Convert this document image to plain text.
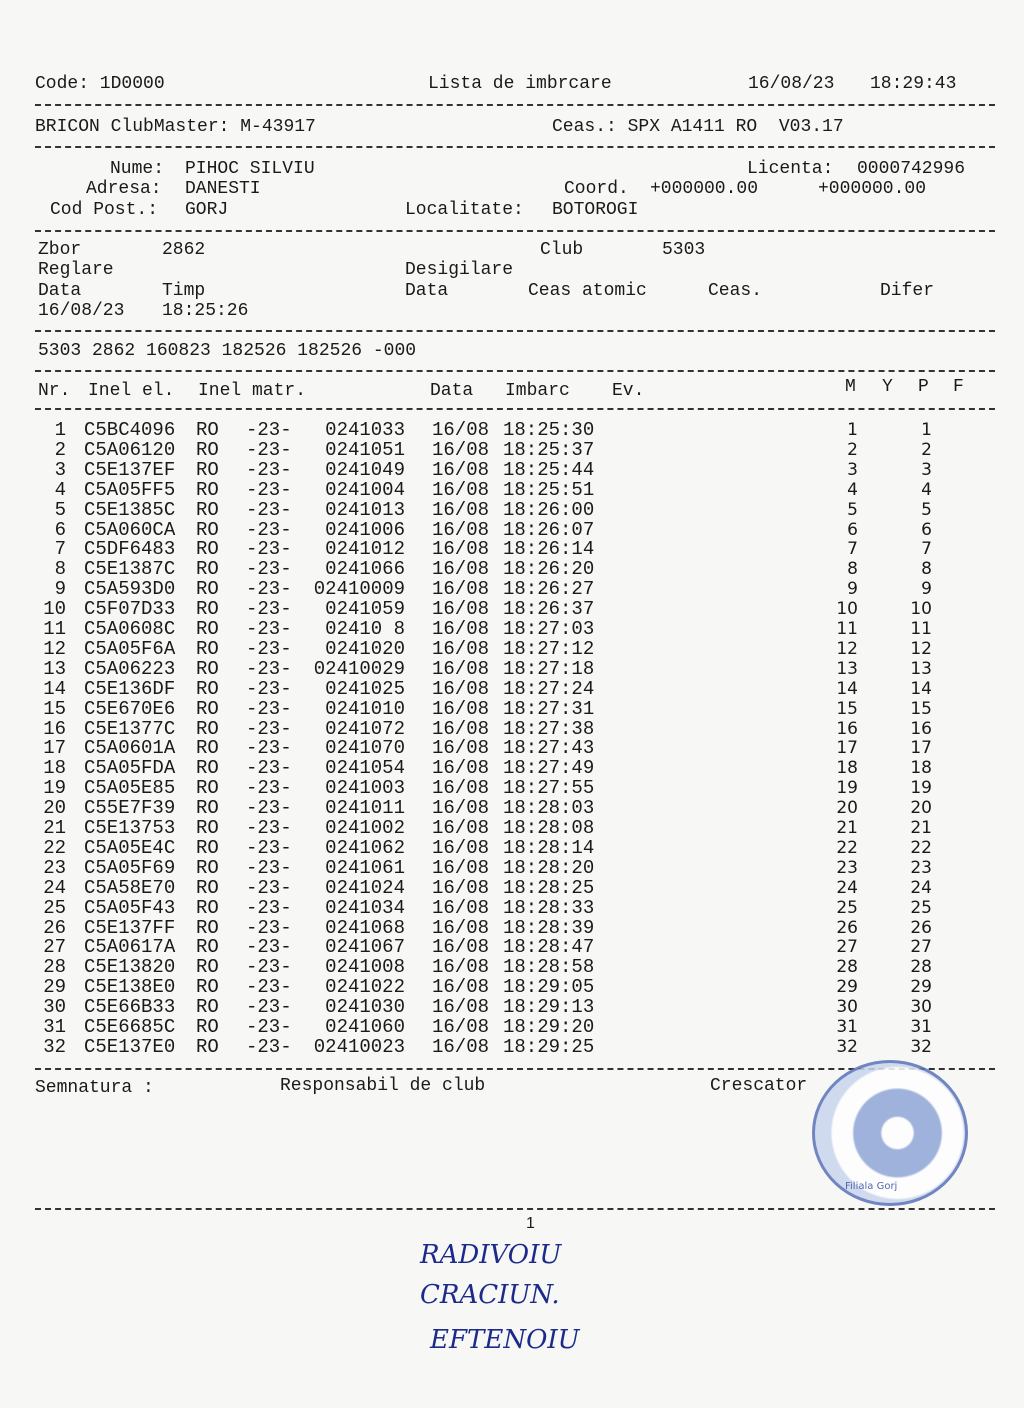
Code: 1D0000	Lista de imbrcare	16/08/23 18:29:43
BRICON ClubMaster: M-43917	Ceas.: SPX A1411 RO  V03.17
Nume: PIHOC SILVIU	Licenta: 0000742996
Adresa: DANESTI	Coord. +000000.00	+000000.00
Cod Post.: GORJ	Localitate: BOTOROGI
Zbor	2862	Club	5303
Reglare	Desigilare
Data	Timp	Data	Ceas atomic	Ceas.	Difer
16/08/23 18:25:26
5303 2862 160823 182526 182526 -000
Nr. Inel el. Inel matr.	Data Imbarc Ev.	M Y P F
1 C5BC4096 RO -23- 0241033 16/08 18:25:30	1	1
2 C5A06120 RO -23- 0241051 16/08 18:25:37	2	2
3 C5E137EF RO -23- 0241049 16/08 18:25:44	3	3
4 C5A05FF5 RO -23- 0241004 16/08 18:25:51	4	4
5 C5E1385C RO -23- 0241013 16/08 18:26:00	5	5
6 C5A060CA RO -23- 0241006 16/08 18:26:07	6	6
7 C5DF6483 RO -23- 0241012 16/08 18:26:14	7	7
8 C5E1387C RO -23- 0241066 16/08 18:26:20	8	8
9 C5A593D0 RO -23- 02410009 16/08 18:26:27	9	9
10 C5F07D33 RO -23- 0241059 16/08 18:26:37	10	10
11 C5A0608C RO -23- 02410 8 16/08 18:27:03	11	11
12 C5A05F6A RO -23- 0241020 16/08 18:27:12	12	12
13 C5A06223 RO -23- 02410029 16/08 18:27:18	13	13
14 C5E136DF RO -23- 0241025 16/08 18:27:24	14	14
15 C5E670E6 RO -23- 0241010 16/08 18:27:31	15	15
16 C5E1377C RO -23- 0241072 16/08 18:27:38	16	16
17 C5A0601A RO -23- 0241070 16/08 18:27:43	17	17
18 C5A05FDA RO -23- 0241054 16/08 18:27:49	18	18
19 C5A05E85 RO -23- 0241003 16/08 18:27:55	19	19
20 C55E7F39 RO -23- 0241011 16/08 18:28:03	20	20
21 C5E13753 RO -23- 0241002 16/08 18:28:08	21	21
22 C5A05E4C RO -23- 0241062 16/08 18:28:14	22	22
23 C5A05F69 RO -23- 0241061 16/08 18:28:20	23	23
24 C5A58E70 RO -23- 0241024 16/08 18:28:25	24	24
25 C5A05F43 RO -23- 0241034 16/08 18:28:33	25	25
26 C5E137FF RO -23- 0241068 16/08 18:28:39	26	26
27 C5A0617A RO -23- 0241067 16/08 18:28:47	27	27
28 C5E13820 RO -23- 0241008 16/08 18:28:58	28	28
29 C5E138E0 RO -23- 0241022 16/08 18:29:05	29	29
30 C5E66B33 RO -23- 0241030 16/08 18:29:13	30	30
31 C5E6685C RO -23- 0241060 16/08 18:29:20	31	31
32 C5E137E0 RO -23- 02410023 16/08 18:29:25	32	32
Semnatura :	Responsabil de club	Crescator
Filiala Gorj
1
RADIVOIU
CRACIUN.
EFTENOIU
